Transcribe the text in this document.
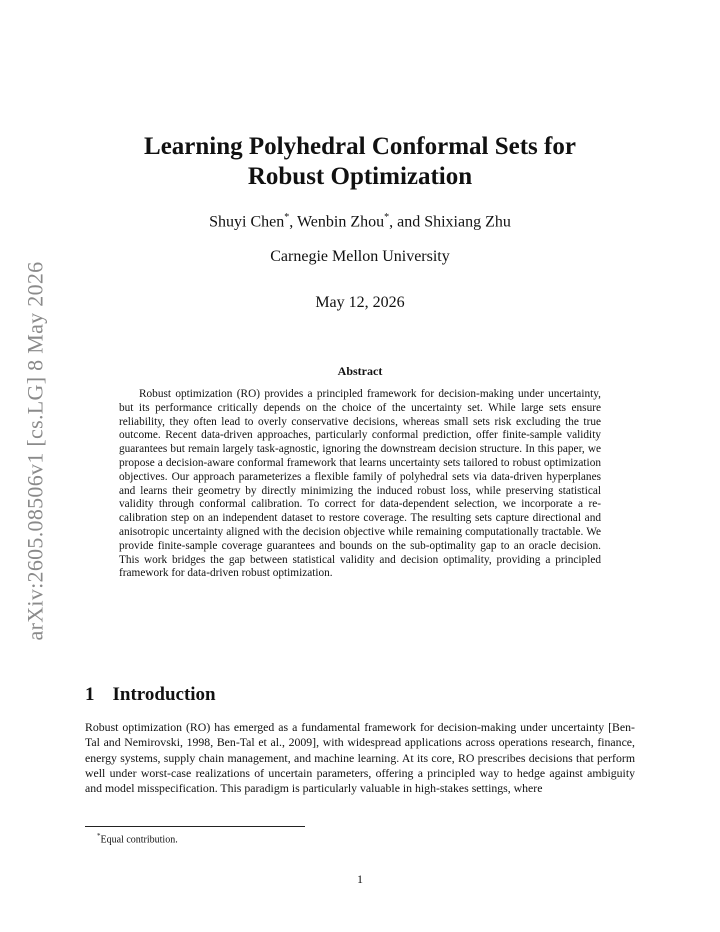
arXiv:2605.08506v1 [cs.LG] 8 May 2026
Learning Polyhedral Conformal Sets for
Robust Optimization
Shuyi Chen*, Wenbin Zhou*, and Shixiang Zhu
Carnegie Mellon University
May 12, 2026
Abstract

Robust optimization (RO) provides a principled framework for decision-making under uncertainty, but its performance critically depends on the choice of the uncertainty set. While large sets ensure reliability, they often lead to overly conservative decisions, whereas small sets risk excluding the true outcome. Recent data-driven approaches, particularly conformal prediction, offer finite-sample validity guarantees but remain largely task-agnostic, ignoring the downstream decision structure. In this paper, we propose a decision-aware conformal framework that learns uncertainty sets tailored to robust optimization objectives. Our approach parameterizes a flexible family of polyhedral sets via data-driven hyperplanes and learns their geometry by directly minimizing the induced robust loss, while preserving statistical validity through conformal calibration. To correct for data-dependent selection, we incorporate a re-calibration step on an independent dataset to restore coverage. The resulting sets capture directional and anisotropic uncertainty aligned with the decision objective while remaining computationally tractable. We provide finite-sample coverage guarantees and bounds on the sub-optimality gap to an oracle decision. This work bridges the gap between statistical validity and decision optimality, providing a principled framework for data-driven robust optimization.

1 Introduction

Robust optimization (RO) has emerged as a fundamental framework for decision-making under uncertainty [Ben-Tal and Nemirovski, 1998, Ben-Tal et al., 2009], with widespread applications across operations research, finance, energy systems, supply chain management, and machine learning. At its core, RO prescribes decisions that perform well under worst-case realizations of uncertain parameters, offering a principled way to hedge against ambiguity and model misspecification. This paradigm is particularly valuable in high-stakes settings, where

*Equal contribution.
1
